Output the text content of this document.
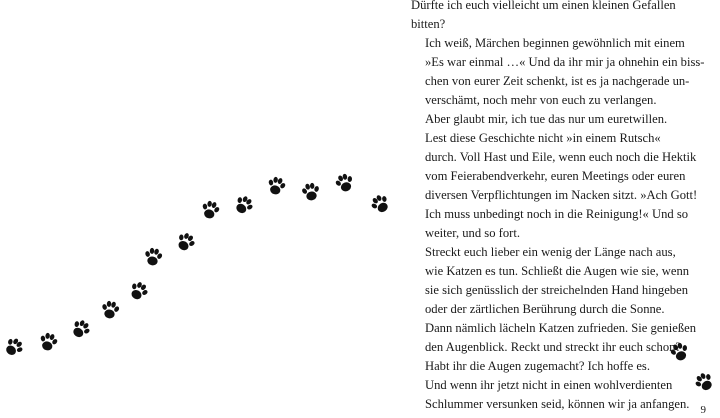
Dürfte ich euch vielleicht um einen kleinen Gefallen
bitten?

Ich weiß, Märchen beginnen gewöhnlich mit einem
»Es war einmal …« Und da ihr mir ja ohnehin ein biss-
chen von eurer Zeit schenkt, ist es ja nachgerade un-
verschämt, noch mehr von euch zu verlangen.

Aber glaubt mir, ich tue das nur um euretwillen.

Lest diese Geschichte nicht »in einem Rutsch«
durch. Voll Hast und Eile, wenn euch noch die Hektik
vom Feierabendverkehr, euren Meetings oder euren
diversen Verpflichtungen im Nacken sitzt. »Ach Gott!
Ich muss unbedingt noch in die Reinigung!« Und so
weiter, und so fort.

Streckt euch lieber ein wenig der Länge nach aus,
wie Katzen es tun. Schließt die Augen wie sie, wenn
sie sich genüsslich der streichelnden Hand hingeben
oder der zärtlichen Berührung durch die Sonne.
Dann nämlich lächeln Katzen zufrieden. Sie genießen
den Augenblick. Reckt und streckt ihr euch schon?
Habt ihr die Augen zugemacht? Ich hoffe es.

Und wenn ihr jetzt nicht in einen wohlverdienten
Schlummer versunken seid, können wir ja anfangen. 9
